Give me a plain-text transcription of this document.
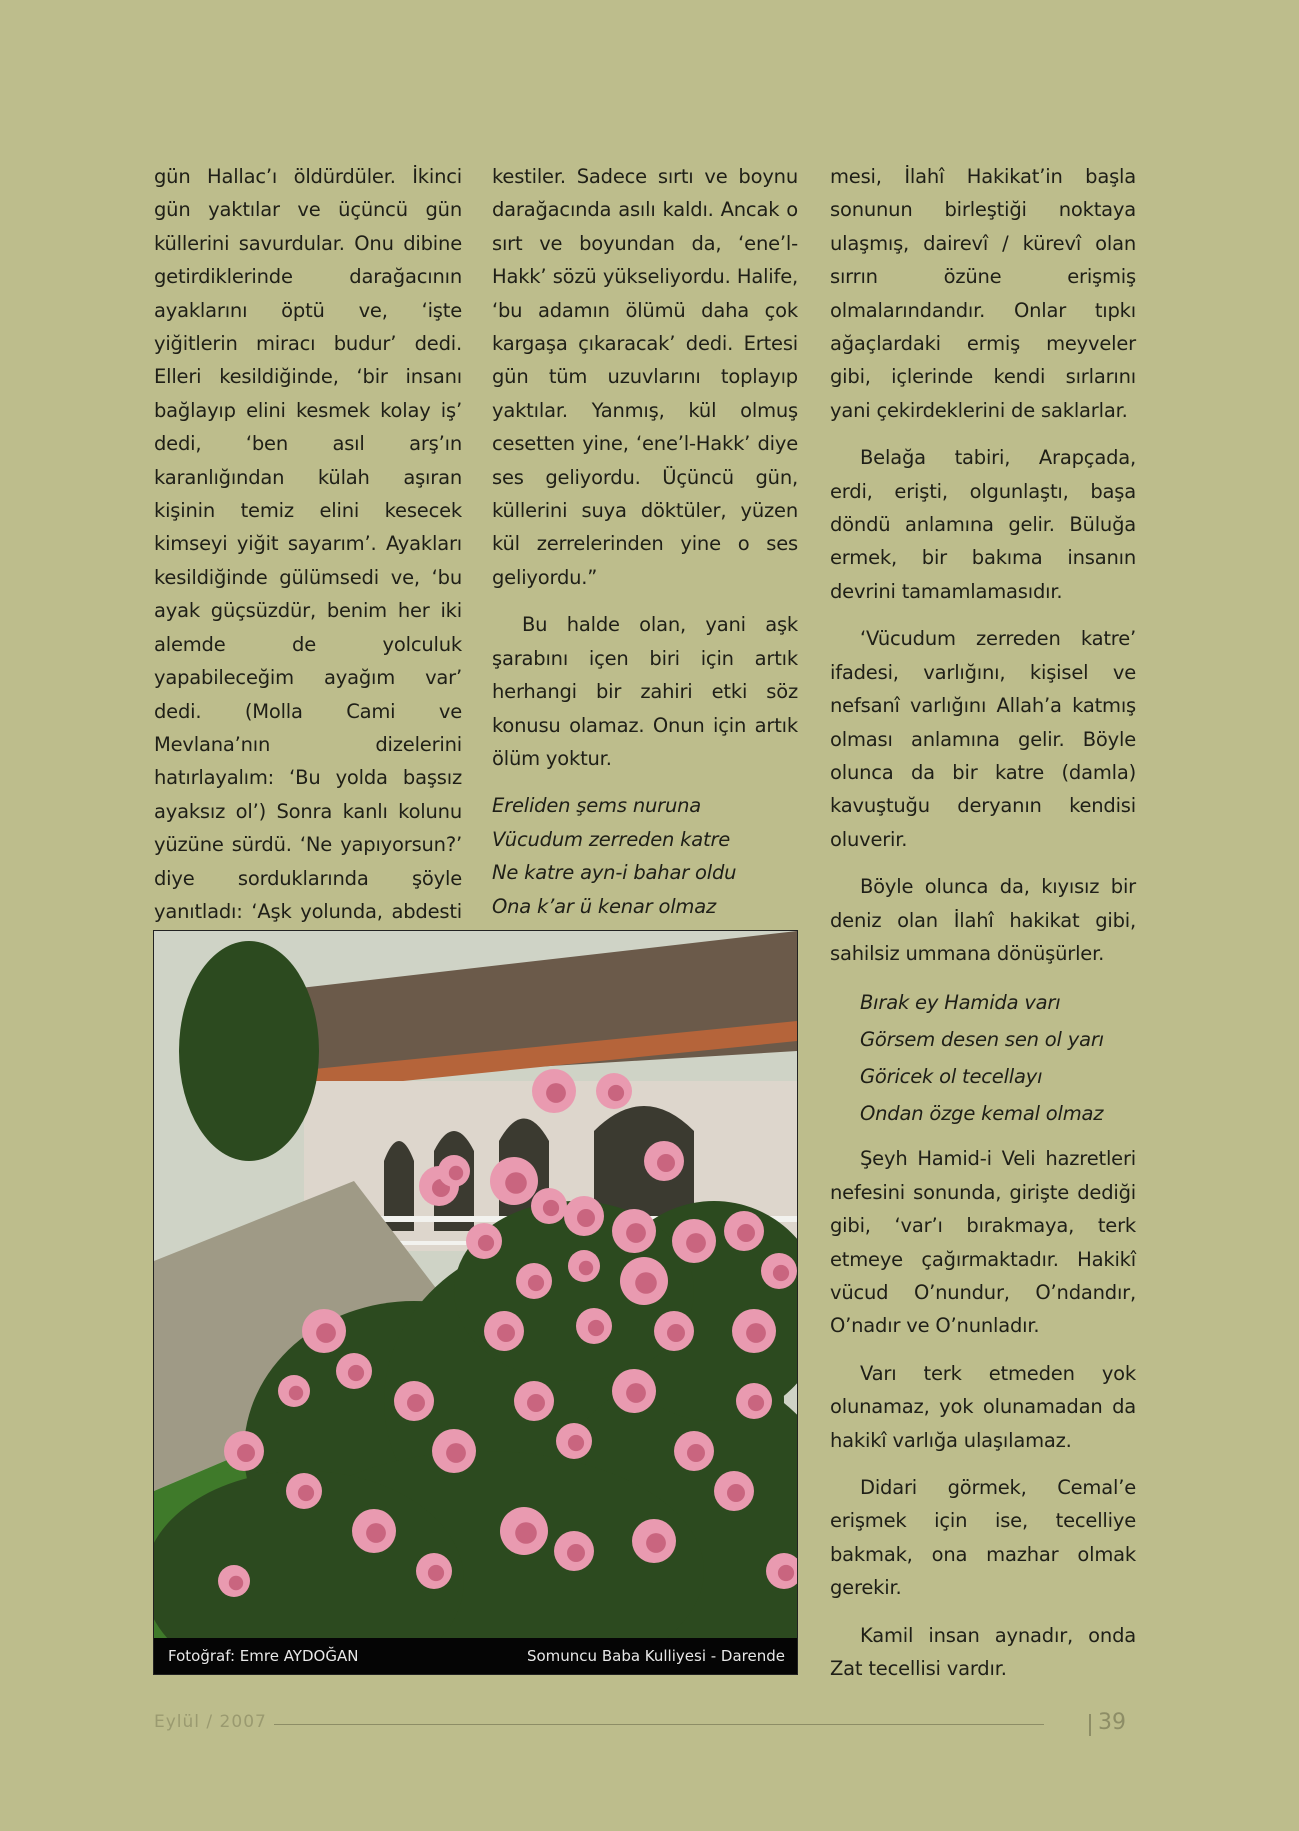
gün Hallac’ı öldürdüler. İkinci gün yaktılar ve üçüncü gün küllerini savurdular. Onu dibine getirdiklerinde darağacının ayaklarını öptü ve, ‘işte yiğitlerin miracı budur’ dedi. Elleri kesildiğinde, ‘bir insanı bağlayıp elini kesmek kolay iş’ dedi, ‘ben asıl arş’ın karanlığından külah aşıran kişinin temiz elini kesecek kimseyi yiğit sayarım’. Ayakları kesildiğinde gülümsedi ve, ‘bu ayak güçsüzdür, benim her iki alemde de yolculuk yapabileceğim ayağım var’ dedi. (Molla Cami ve Mevlana’nın dizelerini hatırlayalım: ‘Bu yolda başsız ayaksız ol’) Sonra kanlı kolunu yüzüne sürdü. ‘Ne yapıyorsun?’ diye sorduklarında şöyle yanıtladı: ‘Aşk yolunda, abdesti

kestiler. Sadece sırtı ve boynu darağacında asılı kaldı. Ancak o sırt ve boyundan da, ‘ene’l-Hakk’ sözü yükseliyordu. Halife, ‘bu adamın ölümü daha çok kargaşa çıkaracak’ dedi. Ertesi gün tüm uzuvlarını toplayıp yaktılar. Yanmış, kül olmuş cesetten yine, ‘ene’l-Hakk’ diye ses geliyordu. Üçüncü gün, küllerini suya döktüler, yüzen kül zerrelerinden yine o ses geliyordu.”

Bu halde olan, yani aşk şarabını içen biri için artık herhangi bir zahiri etki söz konusu olamaz. Onun için artık ölüm yoktur.

Ereliden şems nuruna
Vücudum zerreden katre
Ne katre ayn-i bahar oldu
Ona k’ar ü kenar olmaz

mesi, İlahî Hakikat’in başla sonunun birleştiği noktaya ulaşmış, dairevî / kürevî olan sırrın özüne erişmiş olmalarındandır. Onlar tıpkı ağaçlardaki ermiş meyveler gibi, içlerinde kendi sırlarını yani çekirdeklerini de saklarlar.

Belağa tabiri, Arapçada, erdi, erişti, olgunlaştı, başa döndü anlamına gelir. Büluğa ermek, bir bakıma insanın devrini tamamlamasıdır.

‘Vücudum zerreden katre’ ifadesi, varlığını, kişisel ve nefsanî varlığını Allah’a katmış olması anlamına gelir. Böyle olunca da bir katre (damla) kavuştuğu deryanın kendisi oluverir.

Böyle olunca da, kıyısız bir deniz olan İlahî hakikat gibi, sahilsiz ummana dönüşürler.

Bırak ey Hamida varı
Görsem desen sen ol yarı
Göricek ol tecellayı
Ondan özge kemal olmaz

Şeyh Hamid-i Veli hazretleri nefesini sonunda, girişte dediği gibi, ‘var’ı bırakmaya, terk etmeye çağırmaktadır. Hakikî vücud O’nundur, O’ndandır, O’nadır ve O’nunladır.

Varı terk etmeden yok olunamaz, yok olunamadan da hakikî varlığa ulaşılamaz.

Didari görmek, Cemal’e erişmek için ise, tecelliye bakmak, ona mazhar olmak gerekir.

Kamil insan aynadır, onda Zat tecellisi vardır.

Fotoğraf: Emre AYDOĞAN	Somuncu Baba Kulliyesi - Darende
Eylül / 2007	39
